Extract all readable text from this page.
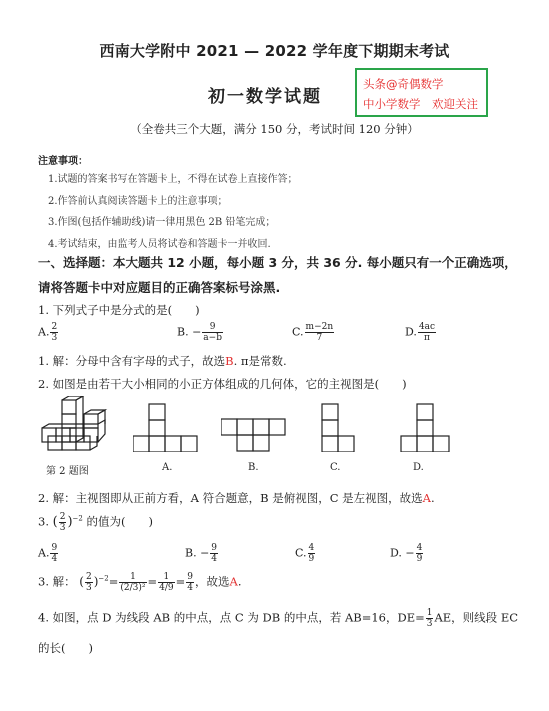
西南大学附中 2021 — 2022 学年度下期期末考试
初一数学试题
头条@奇偶数学
中小学数学　欢迎关注
（全卷共三个大题，满分 150 分，考试时间 120 分钟）
注意事项：
1.试题的答案书写在答题卡上，不得在试卷上直接作答；
2.作答前认真阅读答题卡上的注意事项；
3.作图(包括作辅助线)请一律用黑色 2B 铅笔完成；
4.考试结束，由监考人员将试卷和答题卡一并收回.
一、选择题：本大题共 12 小题，每小题 3 分，共 36 分. 每小题只有一个正确选项，请将答题卡中对应题目的正确答案标号涂黑.
1. 下列式子中是分式的是(　　)
A. $\frac{2}{3}$	B. − $\frac{9}{a-b}$	C. $\frac{m-2n}{7}$	D. $\frac{4ac}{\pi}$
1. 解：分母中含有字母的式子，故选B. π是常数.
2. 如图是由若干大小相同的小正方体组成的几何体，它的主视图是(　　)
第 2 题图	A.	B.	C.	D.
2. 解：主视图即从正前方看，A 符合题意，B 是俯视图，C 是左视图，故选A.
3. ( $\frac{2}{3} )^{-2}$ 的值为(　　)
A. $\frac{9}{4}$	B. − $\frac{9}{4}$	C. $\frac{4}{9}$	D. − $\frac{4}{9}$
3. 解： ( $\frac{2}{3} )^{-2}= \frac{1}{\text{(2/3)²}} = \frac{1}{4/9} = \frac{9}{4}$ ，故选A.
4. 如图，点 D 为线段 AB 的中点，点 C 为 DB 的中点，若 AB=16，$DE= \frac{1}{3}$ AE，则线段 EC
的长(　　)
